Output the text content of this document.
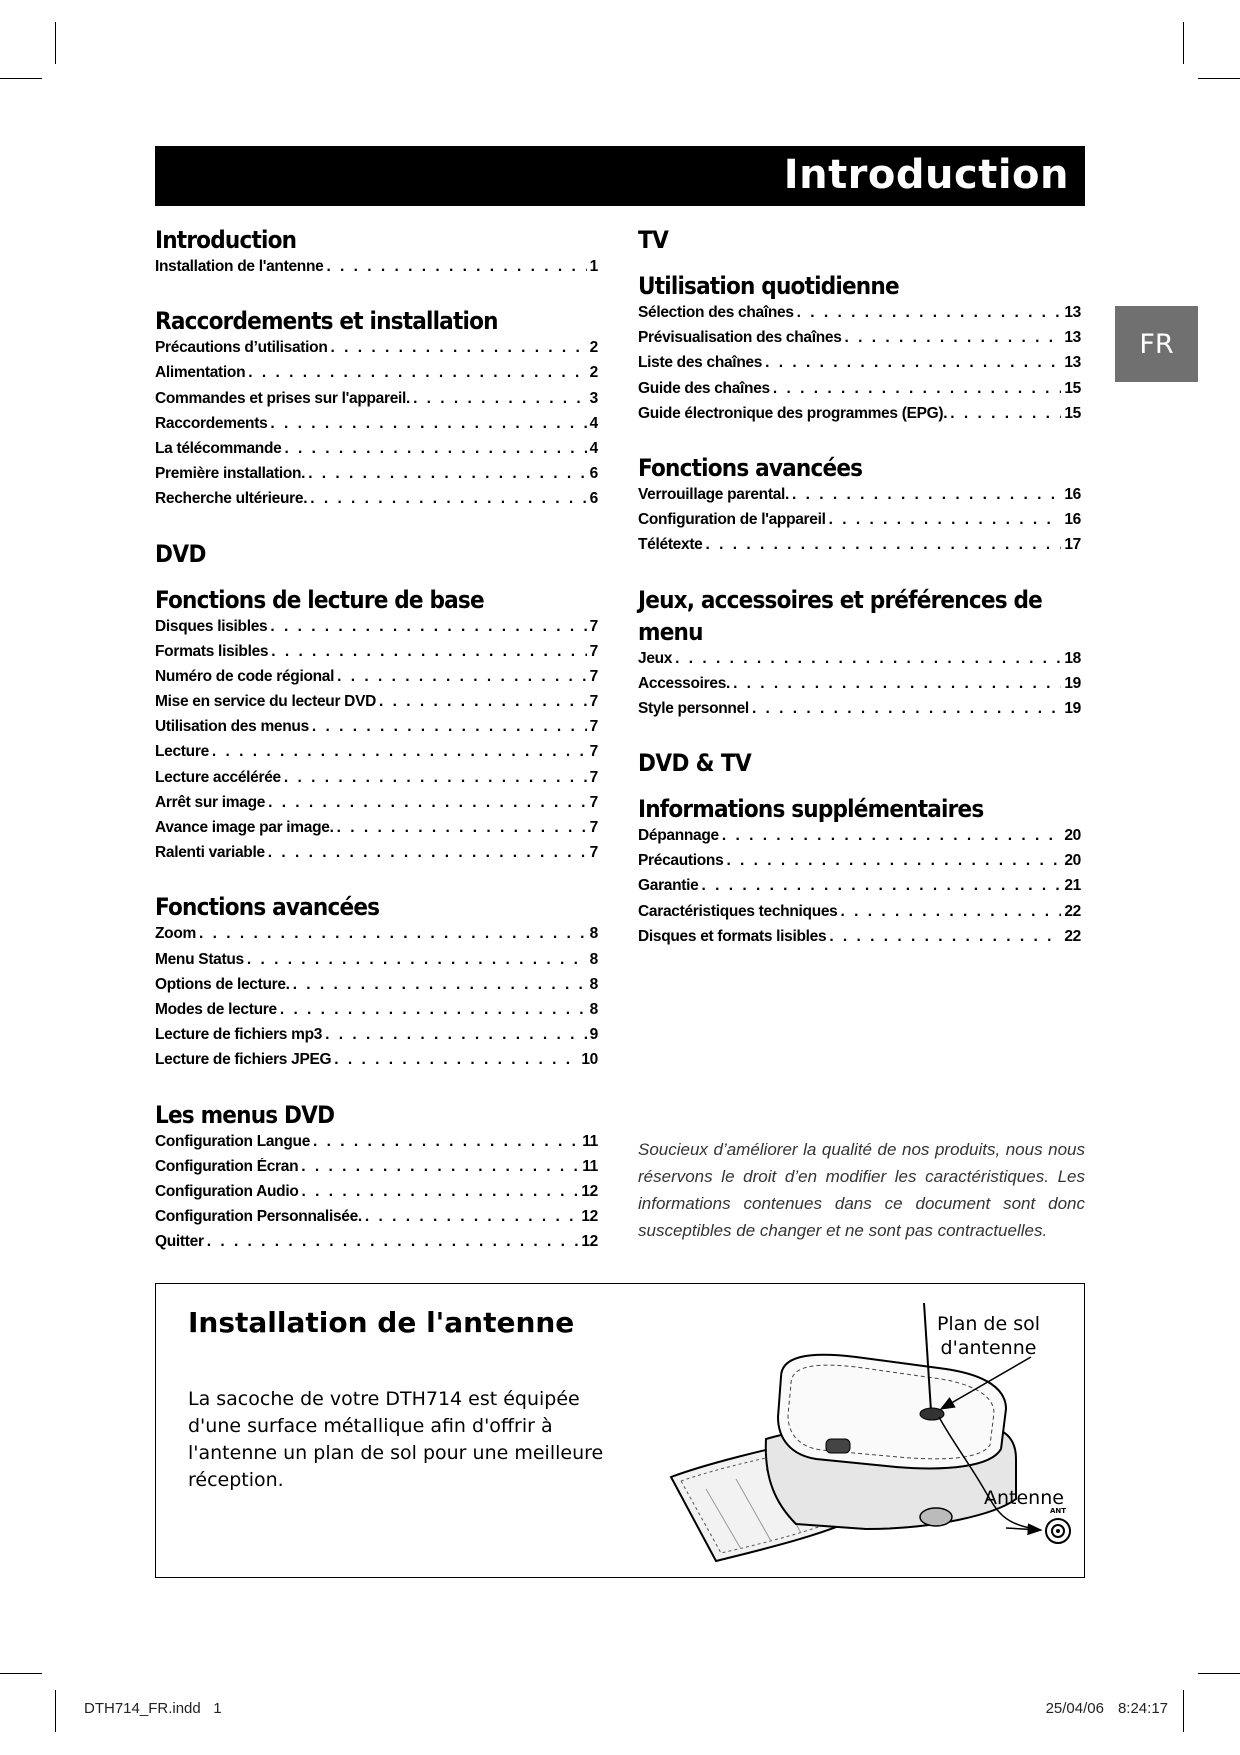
Introduction
FR
Introduction
Installation de l'antenne . . .	1
Raccordements et installation
Précautions d’utilisation . . .	2
Alimentation . . .	2
Commandes et prises sur l'appareil. . . .	3
Raccordements . . .	4
La télécommande . . .	4
Première installation. . . .	6
Recherche ultérieure. . . .	6
DVD
Fonctions de lecture de base
Disques lisibles . . .	7
Formats lisibles . . .	7
Numéro de code régional . . .	7
Mise en service du lecteur DVD . . .	7
Utilisation des menus . . .	7
Lecture . . .	7
Lecture accélérée . . .	7
Arrêt sur image . . .	7
Avance image par image. . . .	7
Ralenti variable . . .	7
Fonctions avancées
Zoom . . .	8
Menu Status . . .	8
Options de lecture. . . .	8
Modes de lecture . . .	8
Lecture de fichiers mp3 . . .	9
Lecture de fichiers JPEG . . .	10
Les menus DVD
Configuration Langue . . .	11
Configuration Écran . . .	11
Configuration Audio . . .	12
Configuration Personnalisée. . . .	12
Quitter . . .	12
TV
Utilisation quotidienne
Sélection des chaînes . . .	13
Prévisualisation des chaînes . . .	13
Liste des chaînes . . .	13
Guide des chaînes . . .	15
Guide électronique des programmes (EPG). . . .	15
Fonctions avancées
Verrouillage parental. . . .	16
Configuration de l'appareil . . .	16
Télétexte . . .	17
Jeux, accessoires et préférences de menu
Jeux . . .	18
Accessoires. . . .	19
Style personnel . . .	19
DVD & TV
Informations supplémentaires
Dépannage . . .	20
Précautions . . .	20
Garantie . . .	21
Caractéristiques techniques . . .	22
Disques et formats lisibles . . .	22

Soucieux d’améliorer la qualité de nos produits, nous nous réservons le droit d’en modifier les caractéristiques. Les informations contenues dans ce document sont donc susceptibles de changer et ne sont pas contractuelles.

Installation de l'antenne

La sacoche de votre DTH714 est équipée d'une surface métallique afin d'offrir à l'antenne un plan de sol pour une meilleure réception.

ANT
Plan de sol d'antenne
Antenne
DTH714_FR.indd   1	25/04/06 8:24:17
